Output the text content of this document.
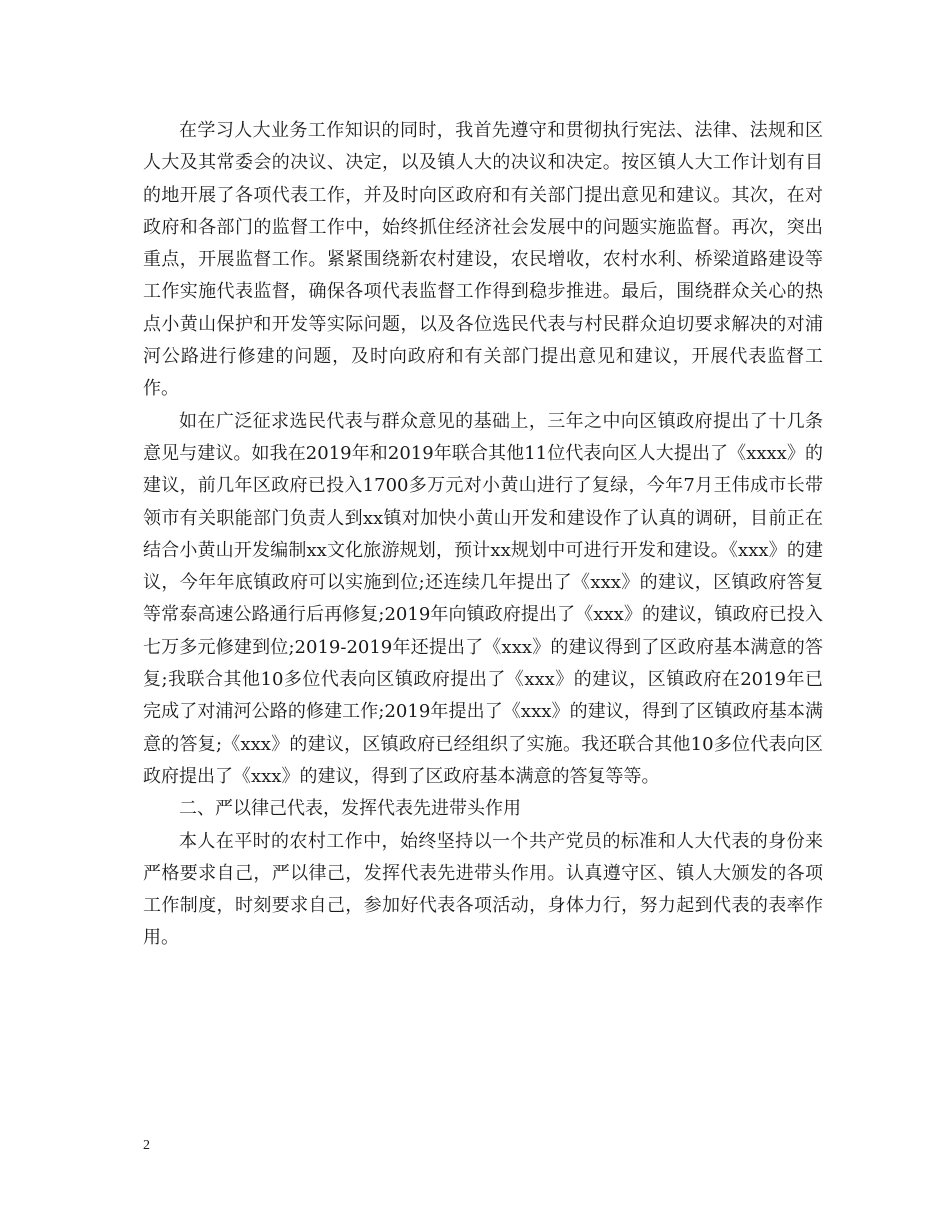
在学习人大业务工作知识的同时，我首先遵守和贯彻执行宪法、法律、法规和区人大及其常委会的决议、决定，以及镇人大的决议和决定。按区镇人大工作计划有目的地开展了各项代表工作，并及时向区政府和有关部门提出意见和建议。其次，在对政府和各部门的监督工作中，始终抓住经济社会发展中的问题实施监督。再次，突出重点，开展监督工作。紧紧围绕新农村建设，农民增收，农村水利、桥梁道路建设等工作实施代表监督，确保各项代表监督工作得到稳步推进。最后，围绕群众关心的热点小黄山保护和开发等实际问题，以及各位选民代表与村民群众迫切要求解决的对浦河公路进行修建的问题，及时向政府和有关部门提出意见和建议，开展代表监督工作。

如在广泛征求选民代表与群众意见的基础上，三年之中向区镇政府提出了十几条意见与建议。如我在2019年和2019年联合其他11位代表向区人大提出了《xxxx》的建议，前几年区政府已投入1700多万元对小黄山进行了复绿，今年7月王伟成市长带领市有关职能部门负责人到xx镇对加快小黄山开发和建设作了认真的调研，目前正在结合小黄山开发编制xx文化旅游规划，预计xx规划中可进行开发和建设。《xxx》的建议，今年年底镇政府可以实施到位;还连续几年提出了《xxx》的建议，区镇政府答复等常泰高速公路通行后再修复;2019年向镇政府提出了《xxx》的建议，镇政府已投入七万多元修建到位;2019-2019年还提出了《xxx》的建议得到了区政府基本满意的答复;我联合其他10多位代表向区镇政府提出了《xxx》的建议，区镇政府在2019年已完成了对浦河公路的修建工作;2019年提出了《xxx》的建议，得到了区镇政府基本满意的答复;《xxx》的建议，区镇政府已经组织了实施。我还联合其他10多位代表向区政府提出了《xxx》的建议，得到了区政府基本满意的答复等等。

二、严以律己代表，发挥代表先进带头作用

本人在平时的农村工作中，始终坚持以一个共产党员的标准和人大代表的身份来严格要求自己，严以律己，发挥代表先进带头作用。认真遵守区、镇人大颁发的各项工作制度，时刻要求自己，参加好代表各项活动，身体力行，努力起到代表的表率作用。

2
